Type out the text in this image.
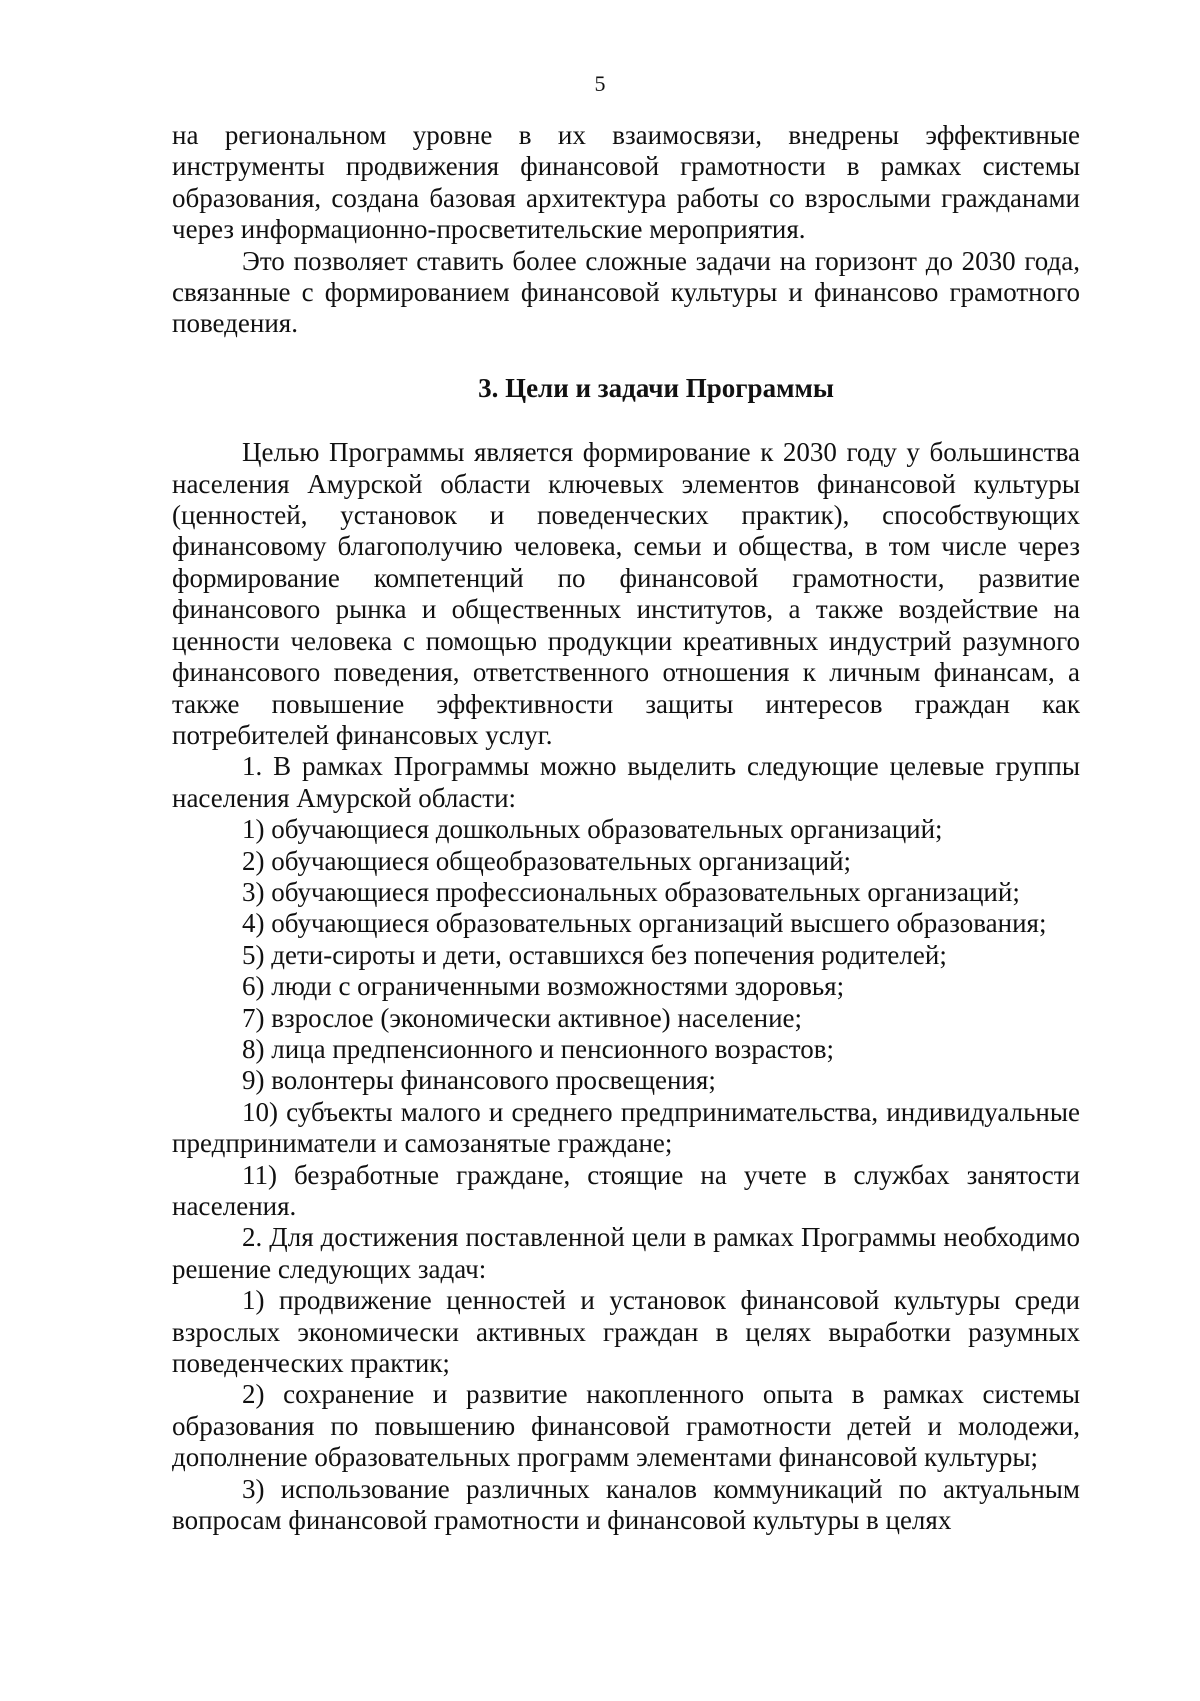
5

на региональном уровне в их взаимосвязи, внедрены эффективные инструменты продвижения финансовой грамотности в рамках системы образования, создана базовая архитектура работы со взрослыми гражданами через информационно-просветительские мероприятия.

Это позволяет ставить более сложные задачи на горизонт до 2030 года, связанные с формированием финансовой культуры и финансово грамотного поведения.

3. Цели и задачи Программы

Целью Программы является формирование к 2030 году у большинства населения Амурской области ключевых элементов финансовой культуры (ценностей, установок и поведенческих практик), способствующих финансовому благополучию человека, семьи и общества, в том числе через формирование компетенций по финансовой грамотности, развитие финансового рынка и общественных институтов, а также воздействие на ценности человека с помощью продукции креативных индустрий разумного финансового поведения, ответственного отношения к личным финансам, а также повышение эффективности защиты интересов граждан как потребителей финансовых услуг.

1. В рамках Программы можно выделить следующие целевые группы населения Амурской области:

1) обучающиеся дошкольных образовательных организаций;

2) обучающиеся общеобразовательных организаций;

3) обучающиеся профессиональных образовательных организаций;

4) обучающиеся образовательных организаций высшего образования;

5) дети-сироты и дети, оставшихся без попечения родителей;

6) люди с ограниченными возможностями здоровья;

7) взрослое (экономически активное) население;

8) лица предпенсионного и пенсионного возрастов;

9) волонтеры финансового просвещения;

10) субъекты малого и среднего предпринимательства, индивидуальные предприниматели и самозанятые граждане;

11) безработные граждане, стоящие на учете в службах занятости населения.

2. Для достижения поставленной цели в рамках Программы необходимо решение следующих задач:

1) продвижение ценностей и установок финансовой культуры среди взрослых экономически активных граждан в целях выработки разумных поведенческих практик;

2) сохранение и развитие накопленного опыта в рамках системы образования по повышению финансовой грамотности детей и молодежи, дополнение образовательных программ элементами финансовой культуры;

3) использование различных каналов коммуникаций по актуальным вопросам финансовой грамотности и финансовой культуры в целях
